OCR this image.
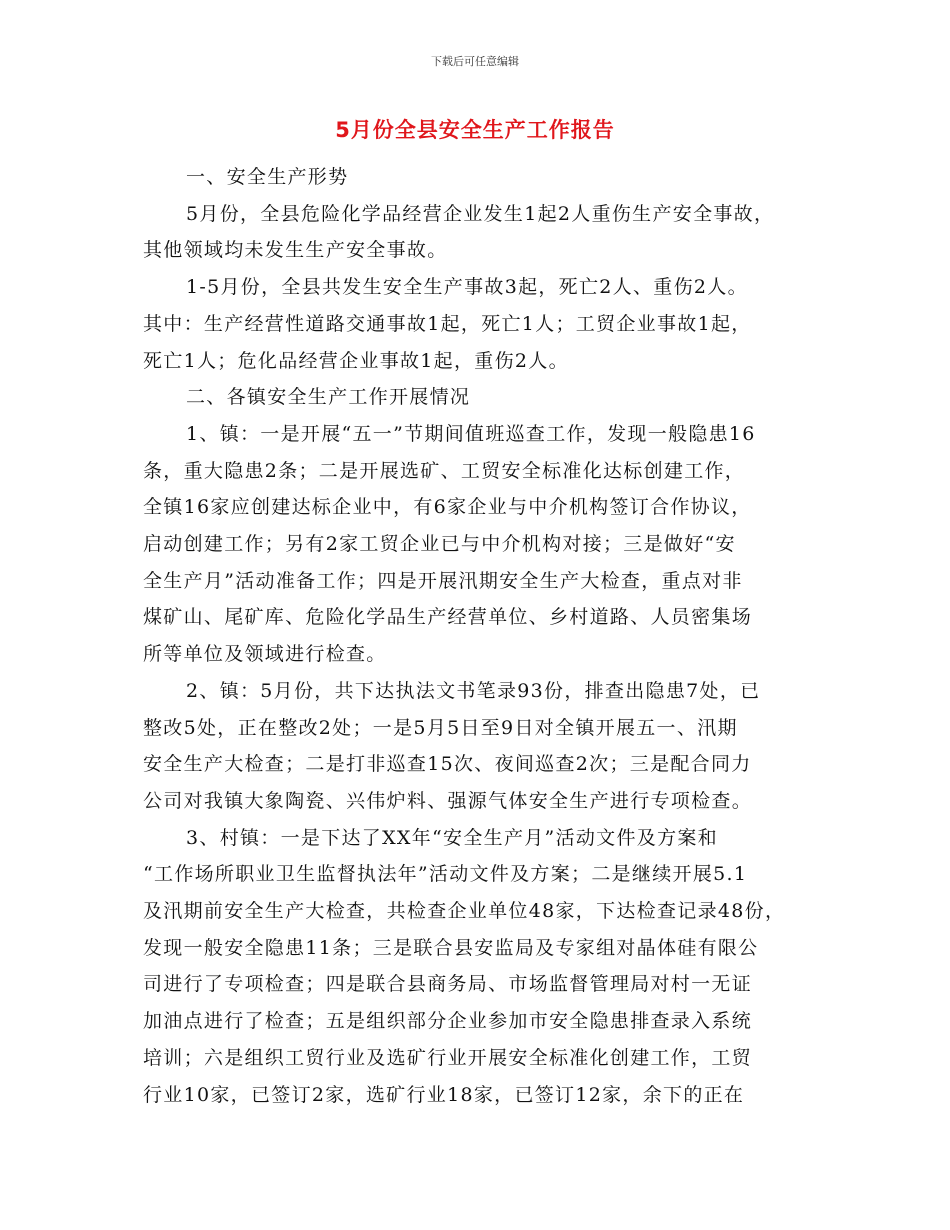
下载后可任意编辑
5月份全县安全生产工作报告
一、安全生产形势
5月份，全县危险化学品经营企业发生1起2人重伤生产安全事故，
其他领域均未发生生产安全事故。
1-5月份，全县共发生安全生产事故3起，死亡2人、重伤2人。
其中：生产经营性道路交通事故1起，死亡1人；工贸企业事故1起，
死亡1人；危化品经营企业事故1起，重伤2人。
二、各镇安全生产工作开展情况
1、镇：一是开展“五一”节期间值班巡查工作，发现一般隐患16
条，重大隐患2条；二是开展选矿、工贸安全标准化达标创建工作，
全镇16家应创建达标企业中，有6家企业与中介机构签订合作协议，
启动创建工作；另有2家工贸企业已与中介机构对接；三是做好“安
全生产月”活动准备工作；四是开展汛期安全生产大检查，重点对非
煤矿山、尾矿库、危险化学品生产经营单位、乡村道路、人员密集场
所等单位及领域进行检查。
2、镇：5月份，共下达执法文书笔录93份，排查出隐患7处，已
整改5处，正在整改2处；一是5月5日至9日对全镇开展五一、汛期
安全生产大检查；二是打非巡查15次、夜间巡查2次；三是配合同力
公司对我镇大象陶瓷、兴伟炉料、强源气体安全生产进行专项检查。
3、村镇：一是下达了XX年“安全生产月”活动文件及方案和
“工作场所职业卫生监督执法年”活动文件及方案；二是继续开展5.1
及汛期前安全生产大检查，共检查企业单位48家，下达检查记录48份，
发现一般安全隐患11条；三是联合县安监局及专家组对晶体硅有限公
司进行了专项检查；四是联合县商务局、市场监督管理局对村一无证
加油点进行了检查；五是组织部分企业参加市安全隐患排查录入系统
培训；六是组织工贸行业及选矿行业开展安全标准化创建工作，工贸
行业10家，已签订2家，选矿行业18家，已签订12家，余下的正在
